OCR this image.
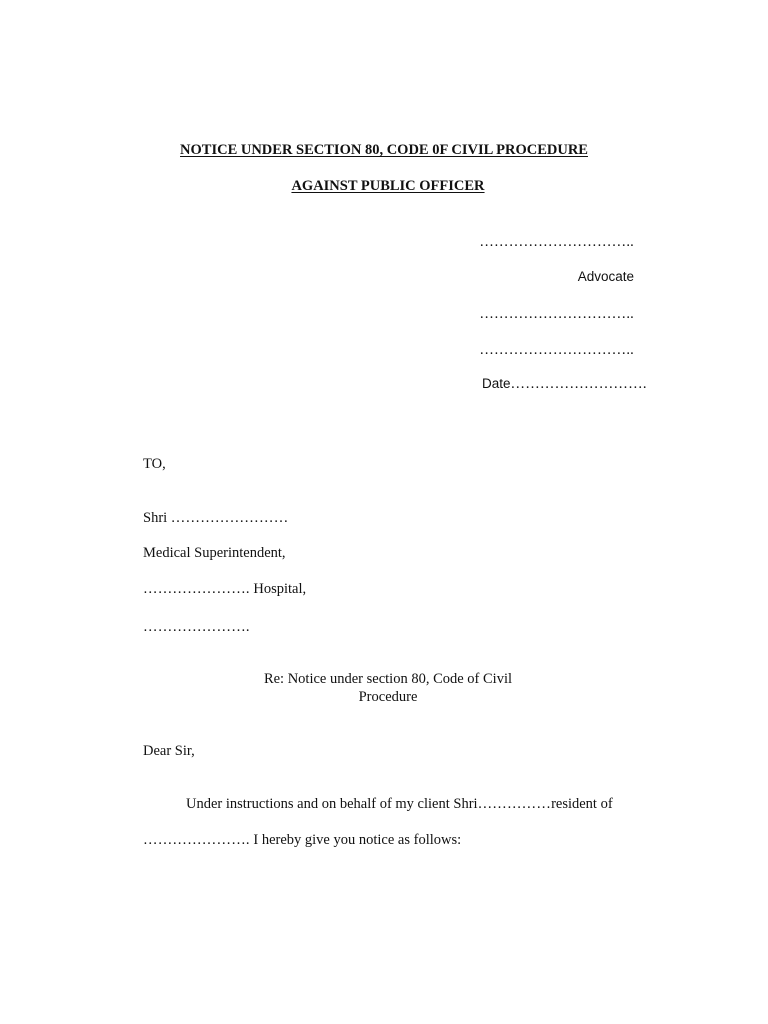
NOTICE UNDER SECTION 80, CODE 0F CIVIL PROCEDURE
AGAINST PUBLIC OFFICER
…………………………..
Advocate
…………………………..
…………………………..
Date……………………….
TO,
Shri ……………………
Medical Superintendent,
…………………. Hospital,
………………….
Re: Notice under section 80, Code of Civil
Procedure
Dear Sir,
Under instructions and on behalf of my client Shri……………resident of
…………………. I hereby give you notice as follows:
